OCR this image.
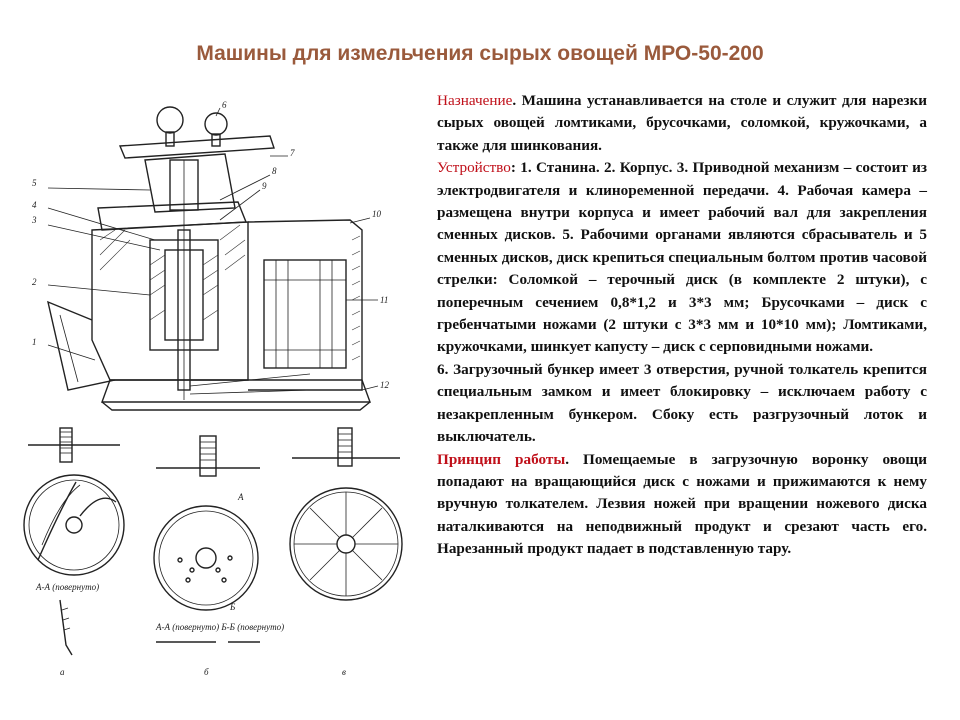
Машины для измельчения сырых овощей МРО-50-200
6
7
5
4
3
8
9
10
2
11
1
12
А-А (повернуто)
а
А
Б
А-А (повернуто) Б-Б (повернуто)
б	в

Назначение. Машина устанавливается на столе и служит для нарезки сырых овощей ломтиками, брусочками, соломкой, кружочками, а также для шинкования.

Устройство: 1. Станина. 2. Корпус. 3. Приводной механизм – состоит из электродвигателя и клиноременной передачи. 4. Рабочая камера – размещена внутри корпуса и имеет рабочий вал для закрепления сменных дисков. 5. Рабочими органами являются сбрасыватель и 5 сменных дисков, диск крепиться специальным болтом против часовой стрелки: Соломкой – терочный диск (в комплекте 2 штуки), с поперечным сечением 0,8*1,2 и 3*3 мм; Брусочками – диск с гребенчатыми ножами (2 штуки с 3*3 мм и 10*10 мм); Ломтиками, кружочками, шинкует капусту – диск с серповидными ножами.

6. Загрузочный бункер имеет 3 отверстия, ручной толкатель крепится специальным замком и имеет блокировку – исключаем работу с незакрепленным бункером. Сбоку есть разгрузочный лоток и выключатель.

Принцип работы. Помещаемые в загрузочную воронку овощи попадают на вращающийся диск с ножами и прижимаются к нему вручную толкателем. Лезвия ножей при вращении ножевого диска наталкиваются на неподвижный продукт и срезают часть его. Нарезанный продукт падает в подставленную тару.
